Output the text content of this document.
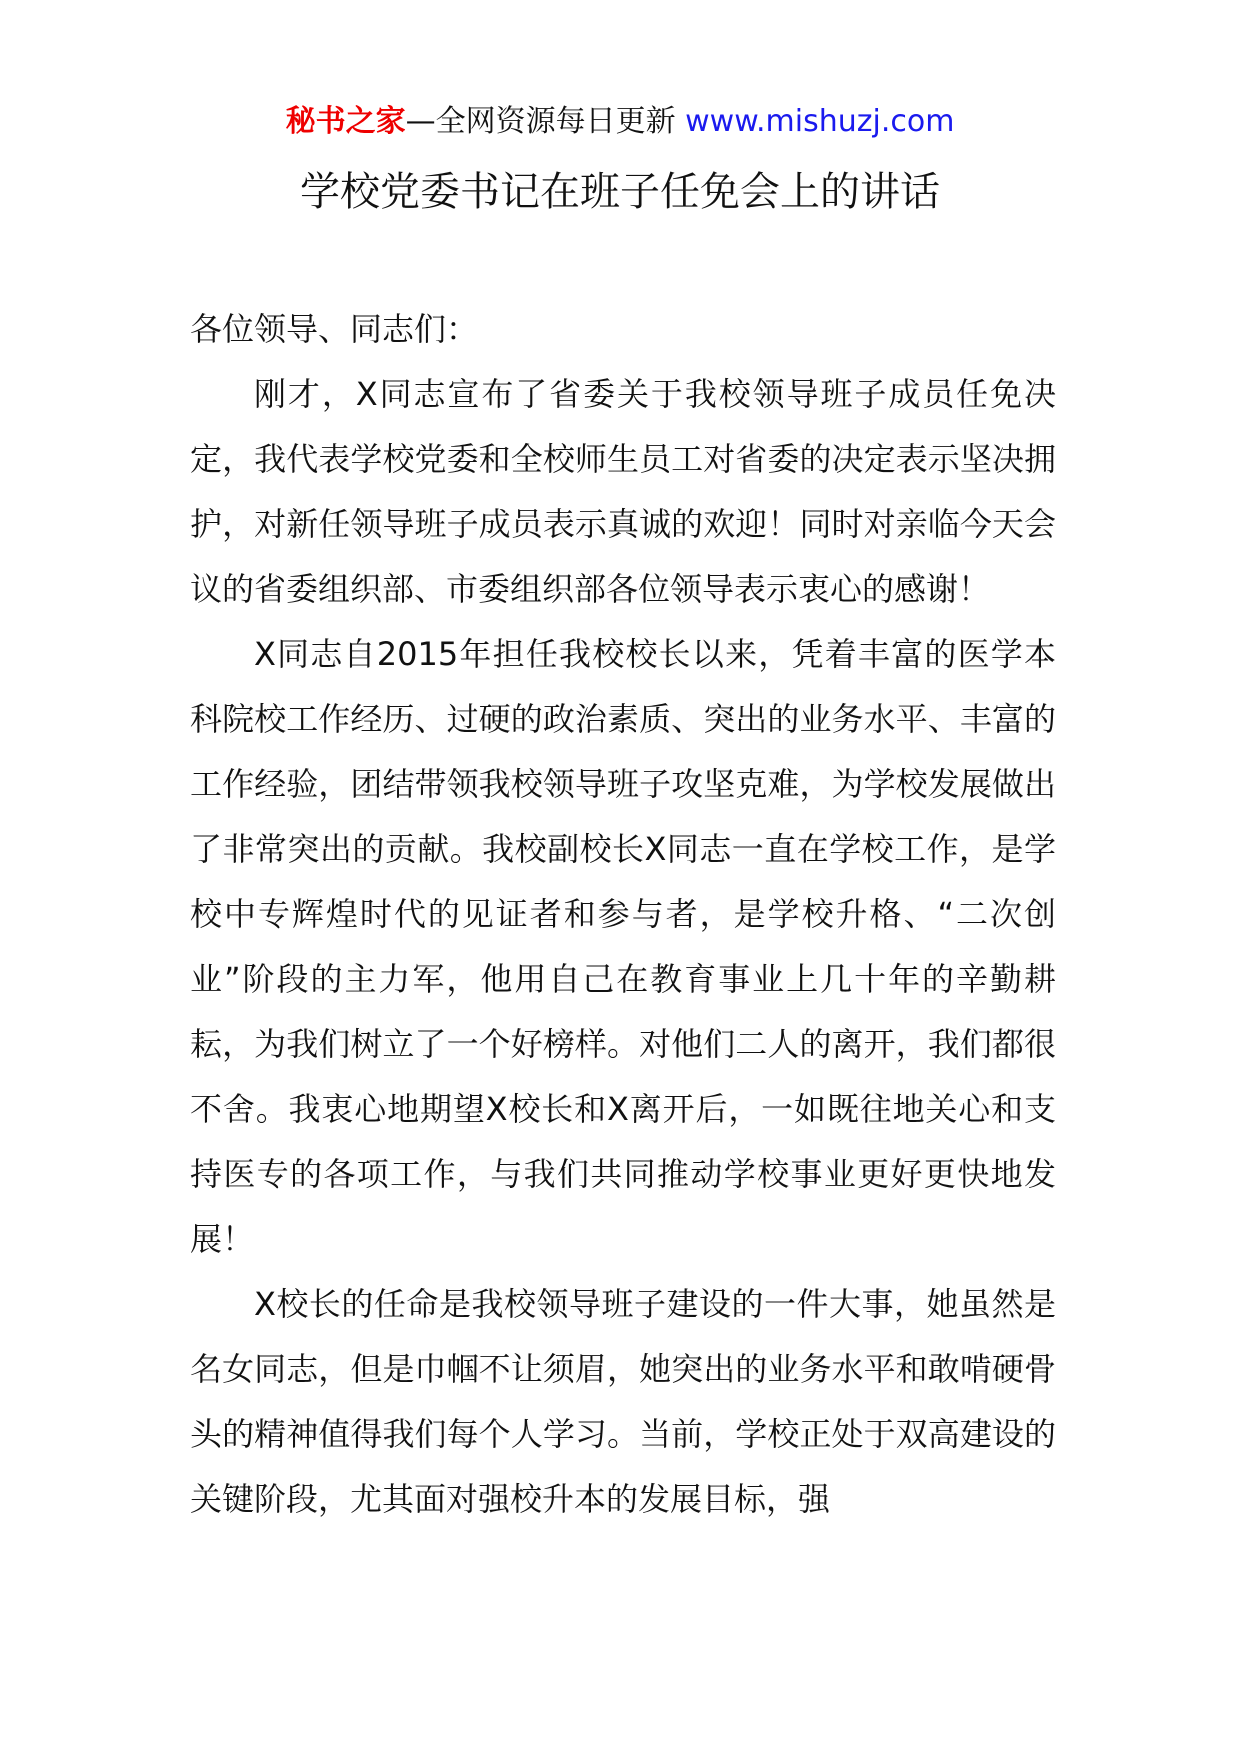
秘书之家—全网资源每日更新 www.mishuzj.com
学校党委书记在班子任免会上的讲话

各位领导、同志们：

刚才，X同志宣布了省委关于我校领导班子成员任免决定，我代表学校党委和全校师生员工对省委的决定表示坚决拥护，对新任领导班子成员表示真诚的欢迎！同时对亲临今天会议的省委组织部、市委组织部各位领导表示衷心的感谢！

X同志自2015年担任我校校长以来，凭着丰富的医学本科院校工作经历、过硬的政治素质、突出的业务水平、丰富的工作经验，团结带领我校领导班子攻坚克难，为学校发展做出了非常突出的贡献。我校副校长X同志一直在学校工作，是学校中专辉煌时代的见证者和参与者，是学校升格、“二次创业”阶段的主力军，他用自己在教育事业上几十年的辛勤耕耘，为我们树立了一个好榜样。对他们二人的离开，我们都很不舍。我衷心地期望X校长和X离开后，一如既往地关心和支持医专的各项工作，与我们共同推动学校事业更好更快地发展！

X校长的任命是我校领导班子建设的一件大事，她虽然是名女同志，但是巾帼不让须眉，她突出的业务水平和敢啃硬骨头的精神值得我们每个人学习。当前，学校正处于双高建设的关键阶段，尤其面对强校升本的发展目标，强
